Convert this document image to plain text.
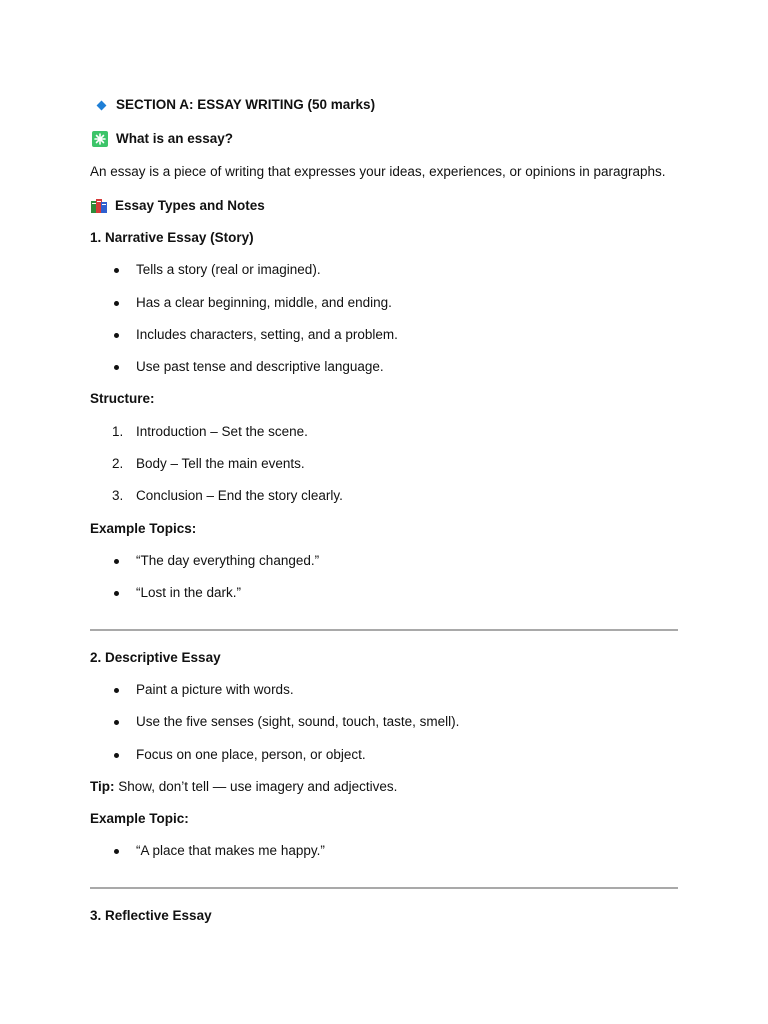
SECTION A: ESSAY WRITING (50 marks)
What is an essay?
An essay is a piece of writing that expresses your ideas, experiences, or opinions in paragraphs.
Essay Types and Notes
1. Narrative Essay (Story)
Tells a story (real or imagined).
Has a clear beginning, middle, and ending.
Includes characters, setting, and a problem.
Use past tense and descriptive language.
Structure:
1. Introduction – Set the scene.
2. Body – Tell the main events.
3. Conclusion – End the story clearly.
Example Topics:
“The day everything changed.”
“Lost in the dark.”
2. Descriptive Essay
Paint a picture with words.
Use the five senses (sight, sound, touch, taste, smell).
Focus on one place, person, or object.
Tip: Show, don’t tell — use imagery and adjectives.
Example Topic:
“A place that makes me happy.”
3. Reflective Essay
